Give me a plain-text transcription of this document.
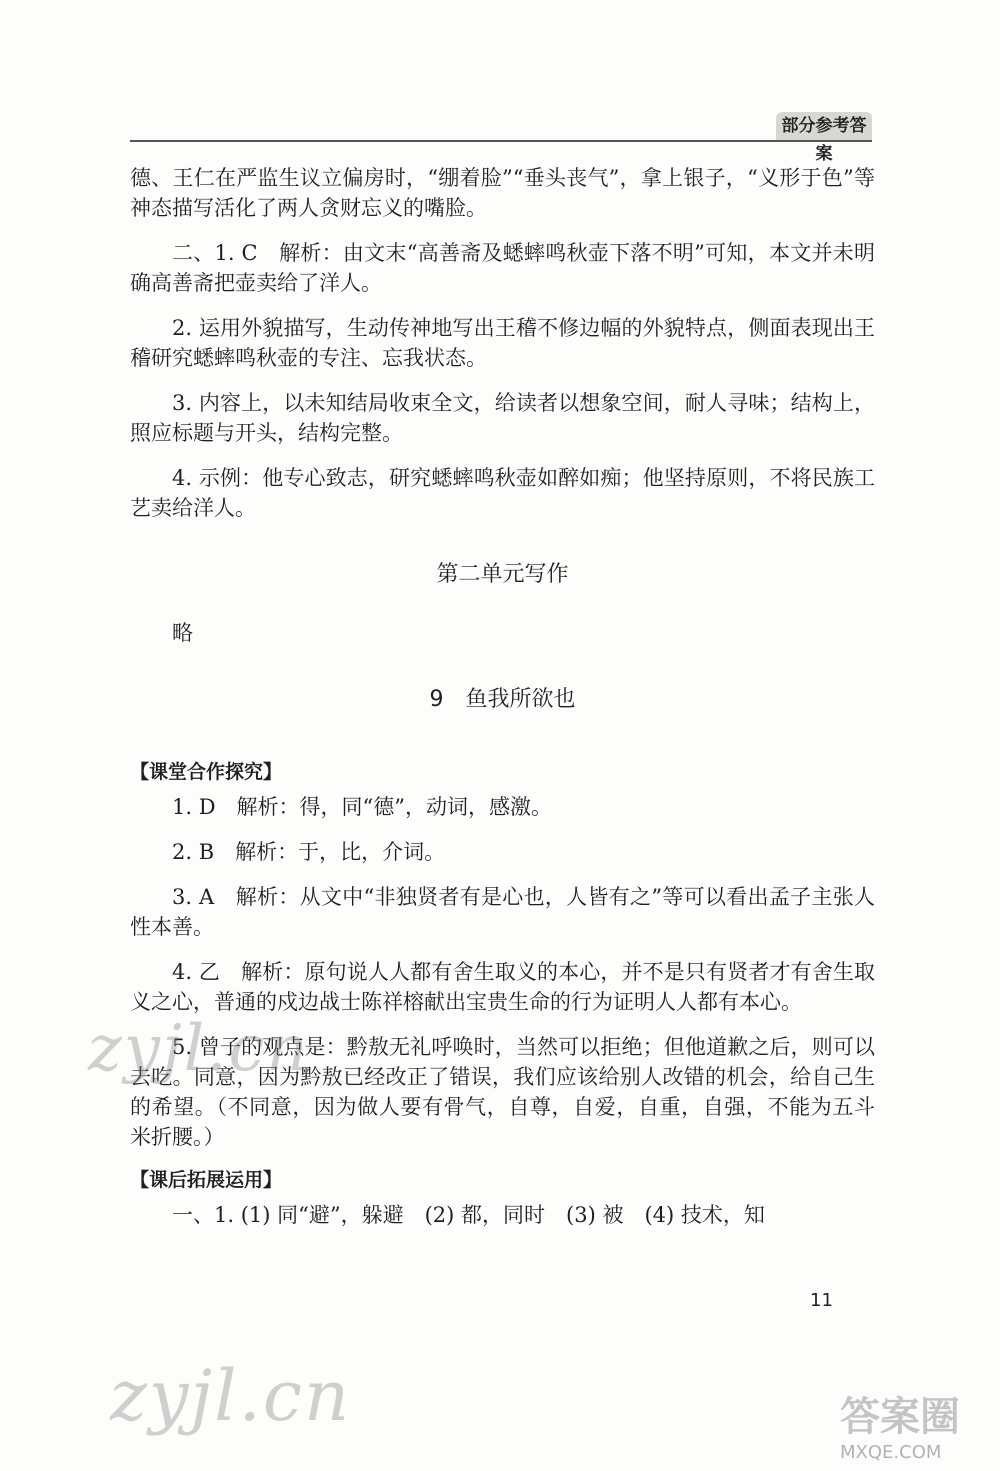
部分参考答案

德、王仁在严监生议立偏房时，“绷着脸”“垂头丧气”，拿上银子，“义形于色”等神态描写活化了两人贪财忘义的嘴脸。

二、1. C　解析：由文末“高善斋及蟋蟀鸣秋壶下落不明”可知，本文并未明确高善斋把壶卖给了洋人。

2. 运用外貌描写，生动传神地写出王稽不修边幅的外貌特点，侧面表现出王稽研究蟋蟀鸣秋壶的专注、忘我状态。

3. 内容上，以未知结局收束全文，给读者以想象空间，耐人寻味；结构上，照应标题与开头，结构完整。

4. 示例：他专心致志，研究蟋蟀鸣秋壶如醉如痴；他坚持原则，不将民族工艺卖给洋人。

第二单元写作

略

9　鱼我所欲也
【课堂合作探究】

1. D　解析：得，同“德”，动词，感激。

2. B　解析：于，比，介词。

3. A　解析：从文中“非独贤者有是心也，人皆有之”等可以看出孟子主张人性本善。

4. 乙　解析：原句说人人都有舍生取义的本心，并不是只有贤者才有舍生取义之心，普通的戍边战士陈祥榕献出宝贵生命的行为证明人人都有本心。

5. 曾子的观点是：黔敖无礼呼唤时，当然可以拒绝；但他道歉之后，则可以去吃。同意，因为黔敖已经改正了错误，我们应该给别人改错的机会，给自己生的希望。（不同意，因为做人要有骨气，自尊，自爱，自重，自强，不能为五斗米折腰。）

【课后拓展运用】

一、1. (1) 同“避”，躲避　(2) 都，同时　(3) 被　(4) 技术，知

11
zyjl.cn
zyjl.cn	答案圈
MXQE.COM
